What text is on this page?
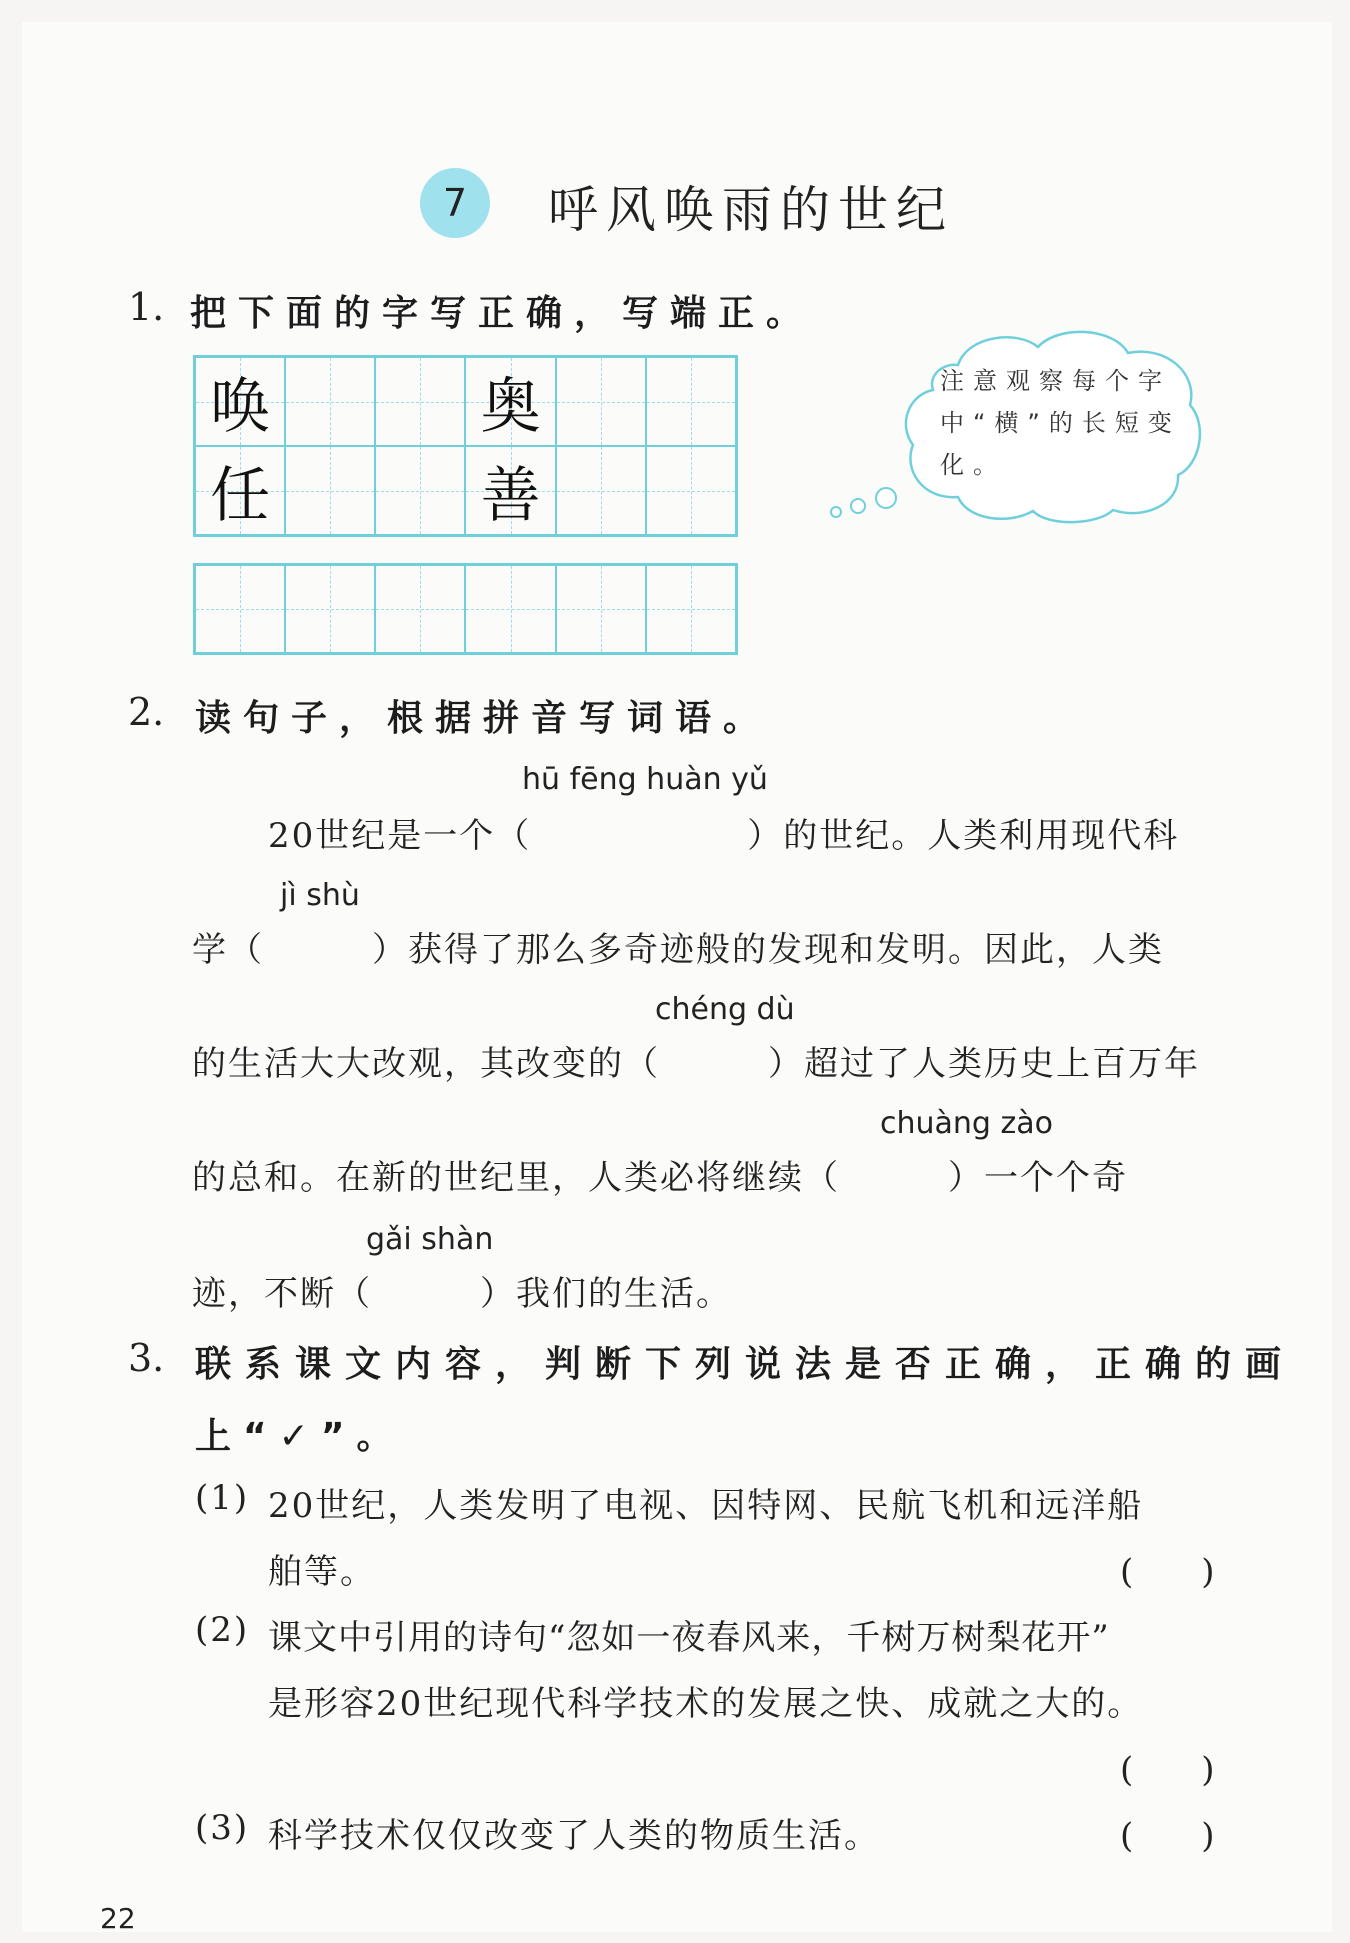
7 呼风唤雨的世纪
1. 把下面的字写正确，写端正。
唤	奥
任	善
注意观察每个字中“横”的长短变化。
2. 读句子，根据拼音写词语。
hū fēng huàn yǔ
20世纪是一个（　　　　　　）的世纪。人类利用现代科
jì shù
学（　　　）获得了那么多奇迹般的发现和发明。因此，人类
chéng dù
的生活大大改观，其改变的（　　　）超过了人类历史上百万年
chuàng zào
的总和。在新的世纪里，人类必将继续（　　　）一个个奇
gǎi shàn
迹，不断（　　　）我们的生活。
3. 联系课文内容，判断下列说法是否正确，正确的画
上“✓”。
(1) 20世纪，人类发明了电视、因特网、民航飞机和远洋船
舶等。	(　　)
(2) 课文中引用的诗句“忽如一夜春风来，千树万树梨花开”
是形容20世纪现代科学技术的发展之快、成就之大的。
(　　)
(3) 科学技术仅仅改变了人类的物质生活。	(　　)
22
